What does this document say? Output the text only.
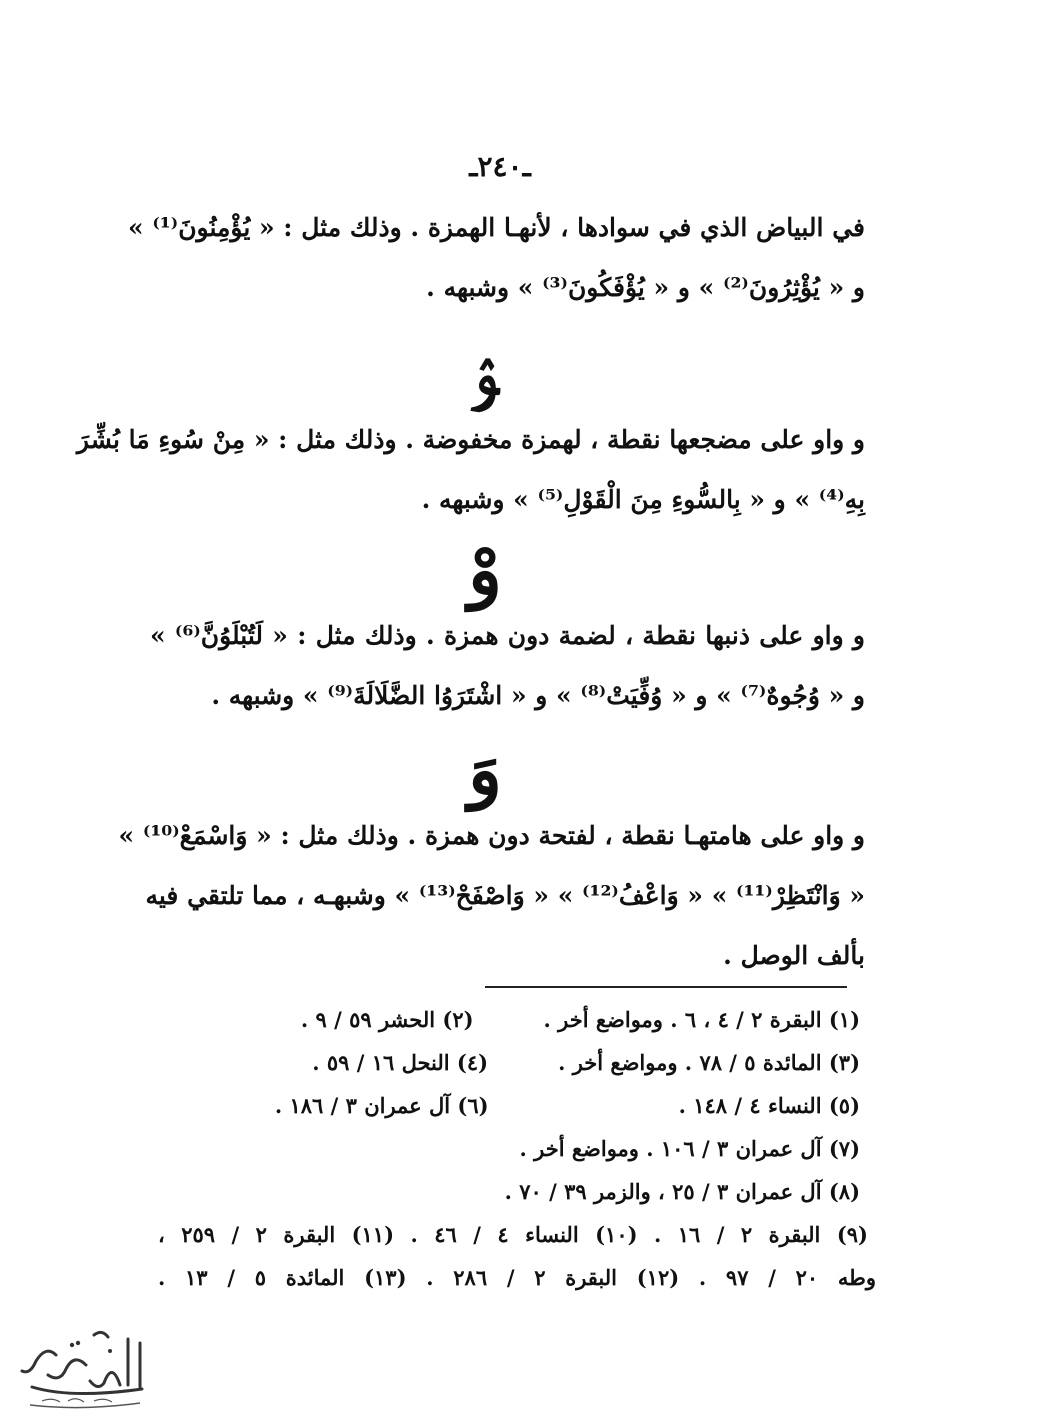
ـ٢٤٠ـ
في البياض الذي في سوادها ، لأنهـا الهمزة . وذلك مثل : « يُؤْمِنُونَ⁽¹⁾ »
و « يُؤْثِرُونَ⁽²⁾ » و « يُؤْفَكُونَ⁽³⁾ » وشبهه .
ﯣ
و واو على مضجعها نقطة ، لهمزة مخفوضة . وذلك مثل : « مِنْ سُوءِ مَا بُشِّرَ
بِهِ⁽⁴⁾ » و « بِالسُّوءِ مِنَ الْقَوْلِ⁽⁵⁾ » وشبهه .
وْ
و واو على ذنبها نقطة ، لضمة دون همزة . وذلك مثل : « لَتُبْلَوُنَّ⁽⁶⁾ »
و « وُجُوهٌ⁽⁷⁾ » و « وُفِّيَتْ⁽⁸⁾ » و « اشْتَرَوُا الضَّلَالَةَ⁽⁹⁾ » وشبهه .
وَ
و واو على هامتهـا نقطة ، لفتحة دون همزة . وذلك مثل : « وَاسْمَعْ⁽¹⁰⁾ »
« وَانْتَظِرْ⁽¹¹⁾ » « وَاعْفُ⁽¹²⁾ » « وَاصْفَحْ⁽¹³⁾ » وشبهـه ، مما تلتقي فيه
بألف الوصل .
(١) البقرة ٢ / ٤ ، ٦ . ومواضع أخر .(٢) الحشر ٥٩ / ٩ .
(٣) المائدة ٥ / ٧٨ . ومواضع أخر .(٤) النحل ١٦ / ٥٩ .
(٥) النساء ٤ / ١٤٨ .(٦) آل عمران ٣ / ١٨٦ .
(٧) آل عمران ٣ / ١٠٦ . ومواضع أخر .
(٨) آل عمران ٣ / ٢٥ ، والزمر ٣٩ / ٧٠ .
(٩) البقرة ٢ / ١٦ . (١٠) النساء ٤ / ٤٦ . (١١) البقرة ٢ / ٢٥٩ ،
وطه ٢٠ / ٩٧ . (١٢) البقرة ٢ / ٢٨٦ . (١٣) المائدة ٥ / ١٣ .
